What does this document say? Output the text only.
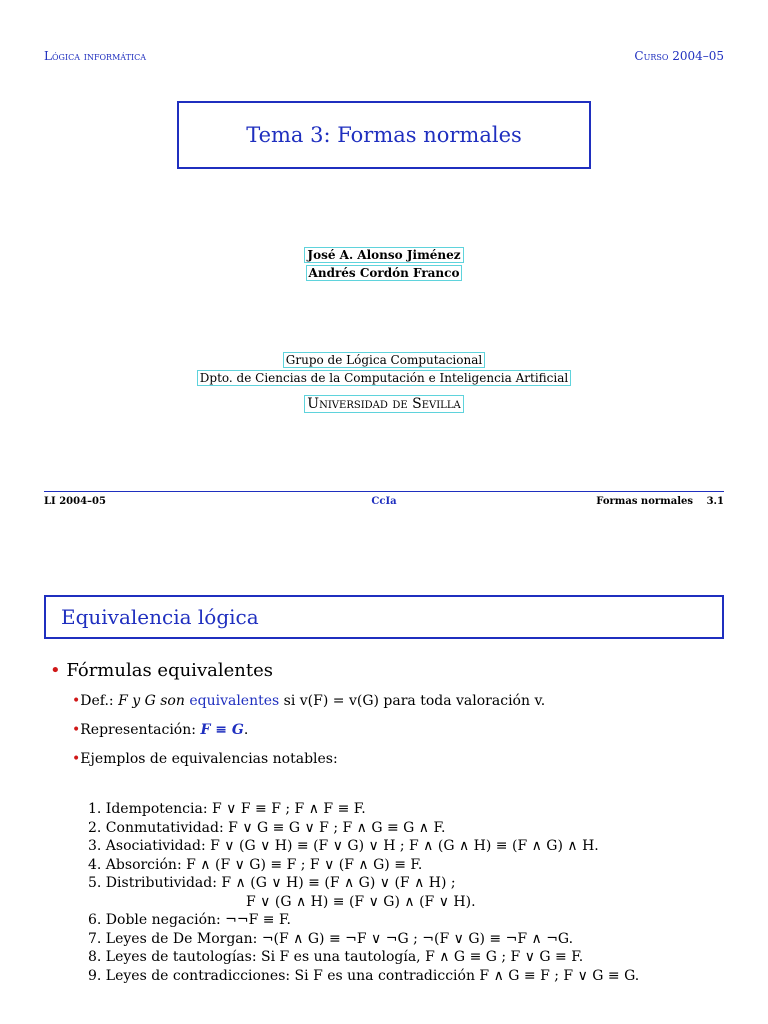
Lógica informática	Curso 2004–05
Tema 3: Formas normales
José A. Alonso Jiménez
Andrés Cordón Franco
Grupo de Lógica Computacional
Dpto. de Ciencias de la Computación e Inteligencia Artificial
Universidad de Sevilla
LI 2004–05	CcIa	Formas normales 3.1
Equivalencia lógica
• Fórmulas equivalentes
•Def.: F y G son equivalentes si v(F) = v(G) para toda valoración v.
•Representación: F ≡ G.
•Ejemplos de equivalencias notables:
1. Idempotencia: F ∨ F ≡ F ; F ∧ F ≡ F.
2. Conmutatividad: F ∨ G ≡ G ∨ F ; F ∧ G ≡ G ∧ F.
3. Asociatividad: F ∨ (G ∨ H) ≡ (F ∨ G) ∨ H ; F ∧ (G ∧ H) ≡ (F ∧ G) ∧ H.
4. Absorción: F ∧ (F ∨ G) ≡ F ; F ∨ (F ∧ G) ≡ F.
5. Distributividad: F ∧ (G ∨ H) ≡ (F ∧ G) ∨ (F ∧ H) ;
F ∨ (G ∧ H) ≡ (F ∨ G) ∧ (F ∨ H).
6. Doble negación: ¬¬F ≡ F.
7. Leyes de De Morgan: ¬(F ∧ G) ≡ ¬F ∨ ¬G ; ¬(F ∨ G) ≡ ¬F ∧ ¬G.
8. Leyes de tautologías: Si F es una tautología, F ∧ G ≡ G ; F ∨ G ≡ F.
9. Leyes de contradicciones: Si F es una contradicción F ∧ G ≡ F ; F ∨ G ≡ G.
